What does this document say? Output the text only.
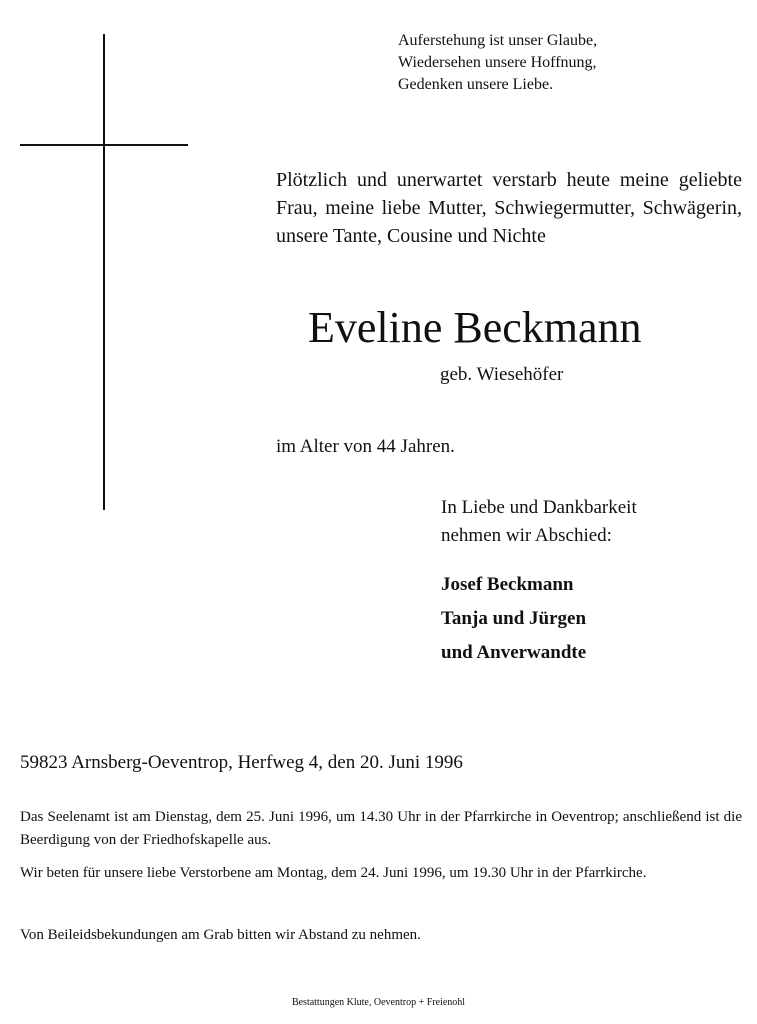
Auferstehung ist unser Glaube,
Wiedersehen unsere Hoffnung,
Gedenken unsere Liebe.
Plötzlich und unerwartet verstarb heute meine geliebte Frau, meine liebe Mutter, Schwiegermutter, Schwägerin, unsere Tante, Cousine und Nichte
Eveline Beckmann
geb. Wiesehöfer
im Alter von 44 Jahren.
In Liebe und Dankbarkeit
nehmen wir Abschied:
Josef Beckmann
Tanja und Jürgen
und Anverwandte
59823 Arnsberg-Oeventrop, Herfweg 4, den 20. Juni 1996
Das Seelenamt ist am Dienstag, dem 25. Juni 1996, um 14.30 Uhr in der Pfarrkirche in Oeventrop; anschließend ist die Beerdigung von der Friedhofskapelle aus.
Wir beten für unsere liebe Verstorbene am Montag, dem 24. Juni 1996, um 19.30 Uhr in der Pfarrkirche.
Von Beileidsbekundungen am Grab bitten wir Abstand zu nehmen.
Bestattungen Klute, Oeventrop + Freienohl
